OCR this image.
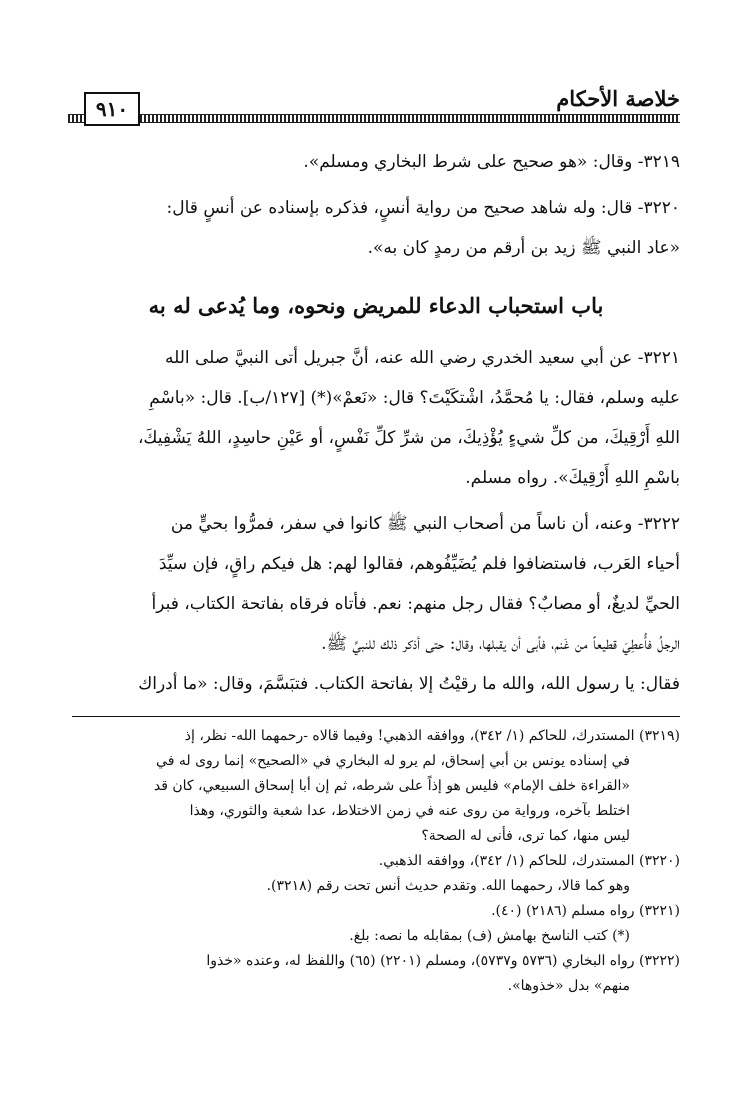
خلاصة الأحكام
٩١٠

٣٢١٩- وقال: «هو صحيح على شرط البخاري ومسلم».

٣٢٢٠- قال: وله شاهد صحيح من رواية أنسٍ، فذكره بإسناده عن أنسٍ قال:

«عاد النبي ﷺ زيد بن أرقم من رمدٍ كان به».

باب استحباب الدعاء للمريض ونحوه، وما يُدعى له به

٣٢٢١- عن أبي سعيد الخدري رضي الله عنه، أنَّ جبريل أتى النبيَّ صلى الله

عليه وسلم، فقال: يا مُحمَّدُ، اشْتكَيْتَ؟ قال: «نَعمْ»(*) [١٢٧/ب]. قال: «باسْمِ

اللهِ أَرْقِيكَ، من كلِّ شيءٍ يُؤْذِيكَ، من شرِّ كلِّ نَفْسٍ، أو عَيْنِ حاسِدٍ، اللهُ يَشْفِيكَ،

باسْمِ اللهِ أَرْقِيكَ». رواه مسلم.

٣٢٢٢- وعنه، أن ناساً من أصحاب النبي ﷺ كانوا في سفر، فمرُّوا بحيٍّ من

أحياء العَرب، فاستضافوا فلم يُضَيِّفُوهم، فقالوا لهم: هل فيكم راقٍ، فإن سيِّدَ

الحيِّ لديغٌ، أو مصابٌ؟ فقال رجل منهم: نعم. فأتاه فرقاه بفاتحة الكتاب، فبرأ

الرجلُ فأُعطِيَ قطيعاً من غَنم، فأبى أن يقبلها، وقال: حتى أذكر ذلك للنبيِّ ﷺ.

فقال: يا رسول الله، والله ما رقيْتُ إلا بفاتحة الكتاب. فتبَسَّمَ، وقال: «ما أدراك

(٣٢١٩) المستدرك، للحاكم (١/ ٣٤٢)، ووافقه الذهبي! وفيما قالاه -رحمهما الله- نظر، إذ

في إسناده يونس بن أبي إسحاق، لم يرو له البخاري في «الصحيح» إنما روى له في

«القراءة خلف الإمام» فليس هو إذاً على شرطه، ثم إن أبا إسحاق السبيعي، كان قد

اختلط بآخره، ورواية من روى عنه في زمن الاختلاط، عدا شعبة والثوري، وهذا

ليس منها، كما ترى، فأنى له الصحة؟

(٣٢٢٠) المستدرك، للحاكم (١/ ٣٤٢)، ووافقه الذهبي.

وهو كما قالا، رحمهما الله. وتقدم حديث أنس تحت رقم (٣٢١٨).

(٣٢٢١) رواه مسلم (٢١٨٦) (٤٠).

(*) كتب الناسخ بهامش (ف) بمقابله ما نصه: بلغ.

(٣٢٢٢) رواه البخاري (٥٧٣٦ و٥٧٣٧)، ومسلم (٢٢٠١) (٦٥) واللفظ له، وعنده «خذوا

منهم» بدل «خذوها».
